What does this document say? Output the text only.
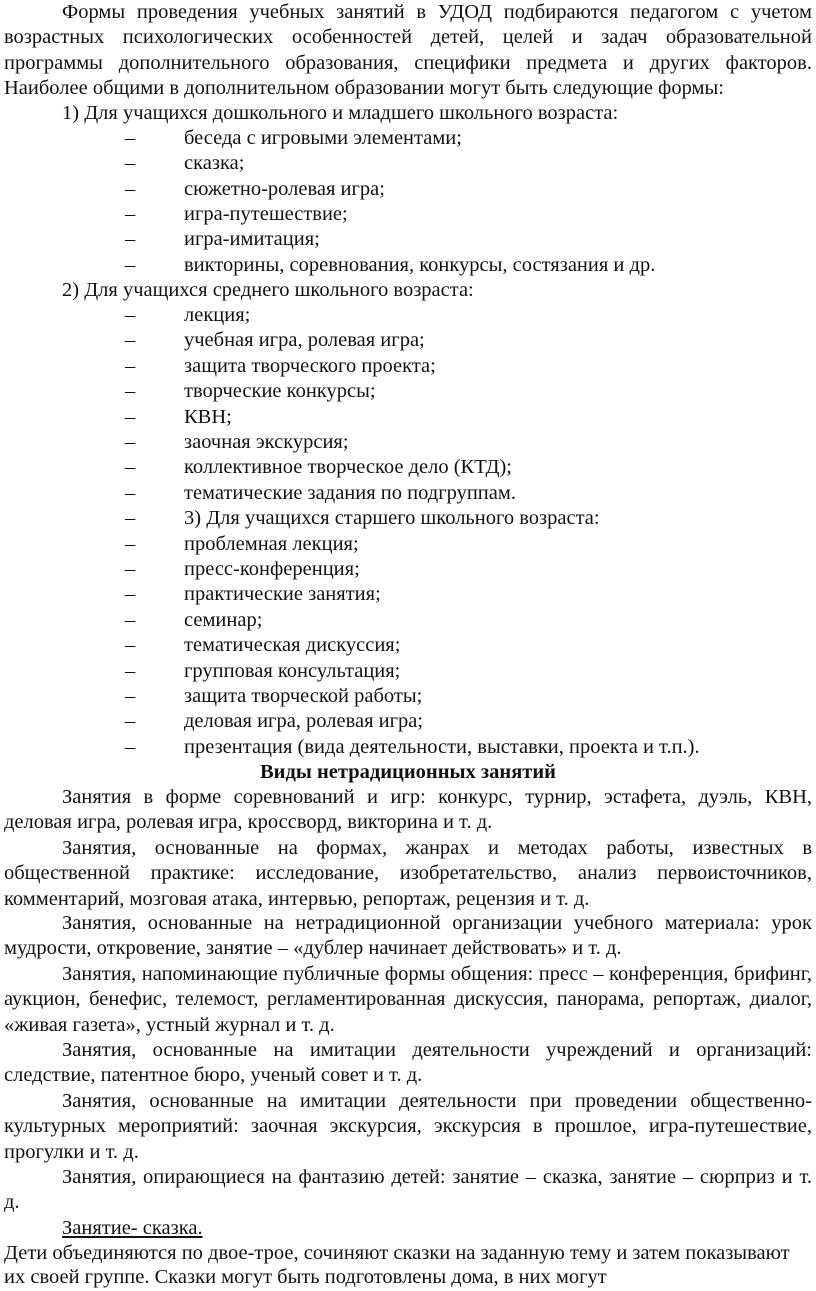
Формы проведения учебных занятий в УДОД подбираются педагогом с учетом возрастных психологических особенностей детей, целей и задач образовательной программы дополнительного образования, специфики предмета и других факторов. Наиболее общими в дополнительном образовании могут быть следующие формы:

1) Для учащихся дошкольного и младшего школьного возраста:
– беседа с игровыми элементами;
– сказка;
– сюжетно-ролевая игра;
– игра-путешествие;
– игра-имитация;
– викторины, соревнования, конкурсы, состязания и др.
2) Для учащихся среднего школьного возраста:
– лекция;
– учебная игра, ролевая игра;
– защита творческого проекта;
– творческие конкурсы;
– КВН;
– заочная экскурсия;
– коллективное творческое дело (КТД);
– тематические задания по подгруппам.
– 3) Для учащихся старшего школьного возраста:
– проблемная лекция;
– пресс-конференция;
– практические занятия;
– семинар;
– тематическая дискуссия;
– групповая консультация;
– защита творческой работы;
– деловая игра, ролевая игра;
– презентация (вида деятельности, выставки, проекта и т.п.).
Виды нетрадиционных занятий

Занятия в форме соревнований и игр: конкурс, турнир, эстафета, дуэль, КВН, деловая игра, ролевая игра, кроссворд, викторина и т. д.

Занятия, основанные на формах, жанрах и методах работы, известных в общественной практике: исследование, изобретательство, анализ первоисточников, комментарий, мозговая атака, интервью, репортаж, рецензия и т. д.

Занятия, основанные на нетрадиционной организации учебного материала: урок мудрости, откровение, занятие – «дублер начинает действовать» и т. д.

Занятия, напоминающие публичные формы общения: пресс – конференция, брифинг, аукцион, бенефис, телемост, регламентированная дискуссия, панорама, репортаж, диалог, «живая газета», устный журнал и т. д.

Занятия, основанные на имитации деятельности учреждений и организаций: следствие, патентное бюро, ученый совет и т. д.

Занятия, основанные на имитации деятельности при проведении общественно-культурных мероприятий: заочная экскурсия, экскурсия в прошлое, игра-путешествие, прогулки и т. д.

Занятия, опирающиеся на фантазию детей: занятие – сказка, занятие – сюрприз и т. д.

Занятие- сказка.
Дети объединяются по двое-трое, сочиняют сказки на заданную тему и затем показывают
их своей группе. Сказки могут быть подготовлены дома, в них могут
